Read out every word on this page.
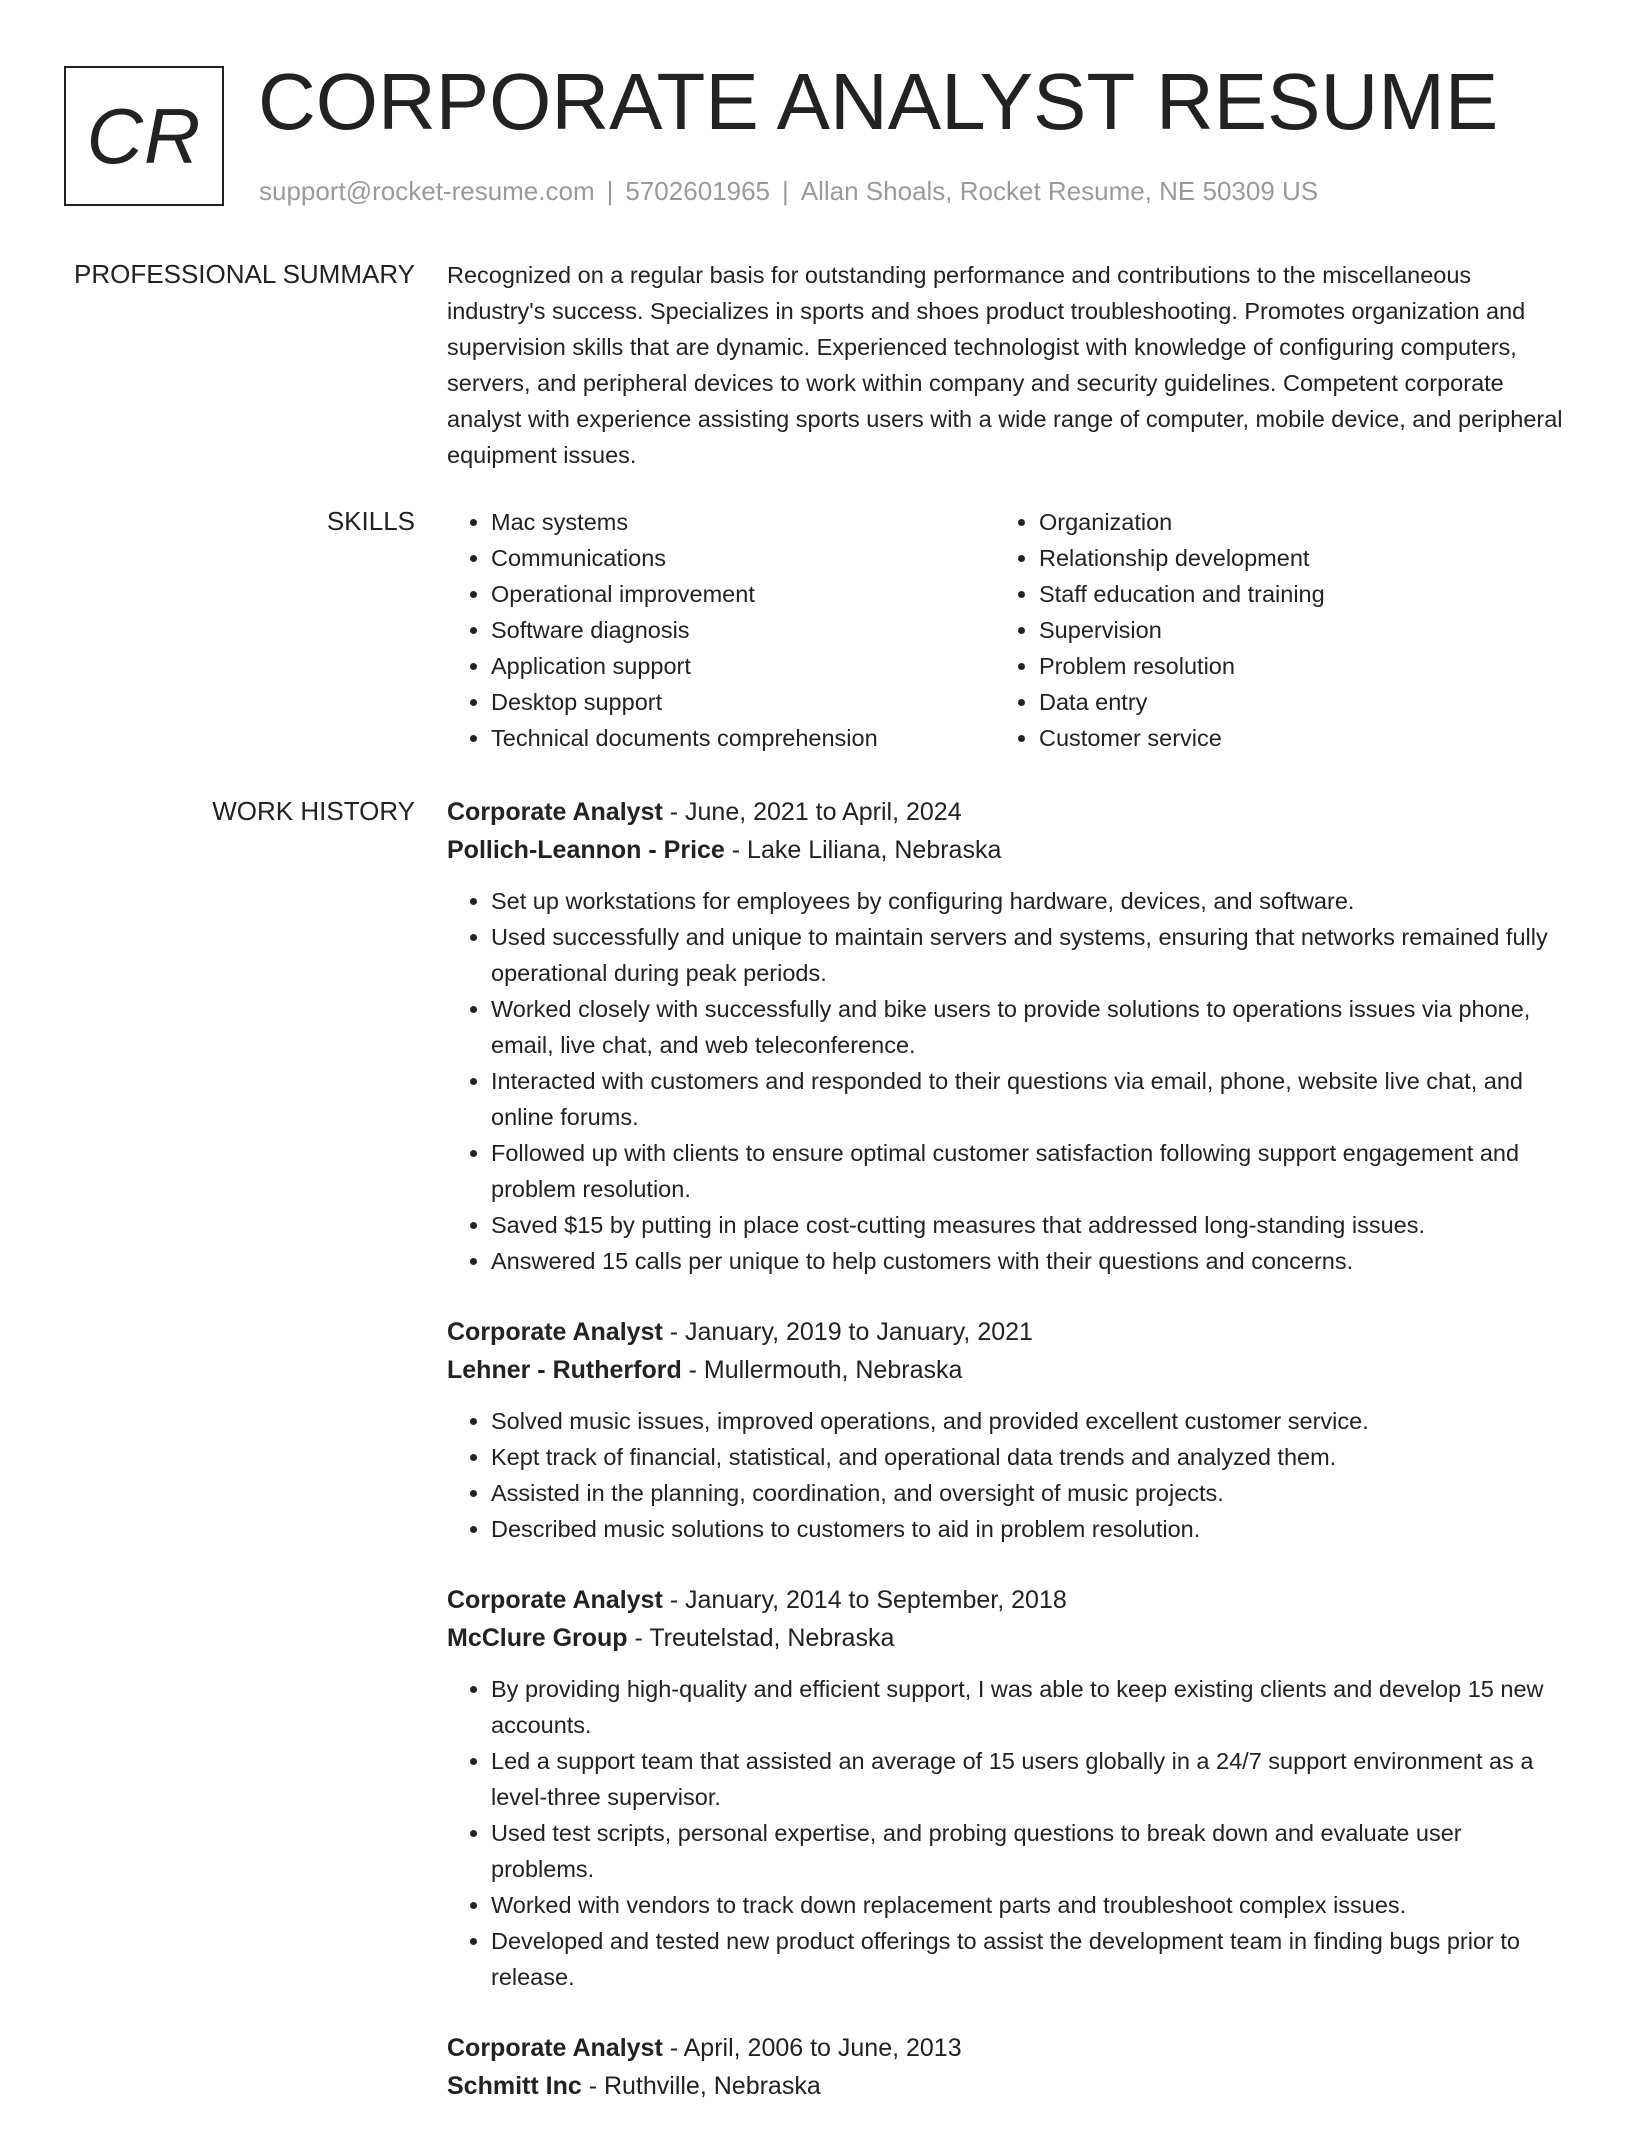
CR CORPORATE ANALYST RESUME
support@rocket-resume.com | 5702601965 | Allan Shoals, Rocket Resume, NE 50309 US
PROFESSIONAL SUMMARY Recognized on a regular basis for outstanding performance and contributions to the miscellaneous industry's success. Specializes in sports and shoes product troubleshooting. Promotes organization and supervision skills that are dynamic. Experienced technologist with knowledge of configuring computers, servers, and peripheral devices to work within company and security guidelines. Competent corporate analyst with experience assisting sports users with a wide range of computer, mobile device, and peripheral equipment issues.

SKILLS
•	Mac systems
• Communications
• Operational improvement
• Software diagnosis
• Application support
• Desktop support
• Technical documents comprehension
• Organization
• Relationship development
• Staff education and training
• Supervision
• Problem resolution
• Data entry
• Customer service
WORK HISTORY Corporate Analyst - June, 2021 to April, 2024
Pollich-Leannon - Price - Lake Liliana, Nebraska
• Set up workstations for employees by configuring hardware, devices, and software.
• Used successfully and unique to maintain servers and systems, ensuring that networks remained fully operational during peak periods.
• Worked closely with successfully and bike users to provide solutions to operations issues via phone, email, live chat, and web teleconference.
• Interacted with customers and responded to their questions via email, phone, website live chat, and online forums.
• Followed up with clients to ensure optimal customer satisfaction following support engagement and problem resolution.
• Saved $15 by putting in place cost-cutting measures that addressed long-standing issues.
• Answered 15 calls per unique to help customers with their questions and concerns.
Corporate Analyst - January, 2019 to January, 2021
Lehner - Rutherford - Mullermouth, Nebraska
• Solved music issues, improved operations, and provided excellent customer service.
• Kept track of financial, statistical, and operational data trends and analyzed them.
• Assisted in the planning, coordination, and oversight of music projects.
• Described music solutions to customers to aid in problem resolution.
Corporate Analyst - January, 2014 to September, 2018
McClure Group - Treutelstad, Nebraska
• By providing high-quality and efficient support, I was able to keep existing clients and develop 15 new accounts.
• Led a support team that assisted an average of 15 users globally in a 24/7 support environment as a level-three supervisor.
• Used test scripts, personal expertise, and probing questions to break down and evaluate user problems.
• Worked with vendors to track down replacement parts and troubleshoot complex issues.
• Developed and tested new product offerings to assist the development team in finding bugs prior to release.
Corporate Analyst - April, 2006 to June, 2013
Schmitt Inc - Ruthville, Nebraska
